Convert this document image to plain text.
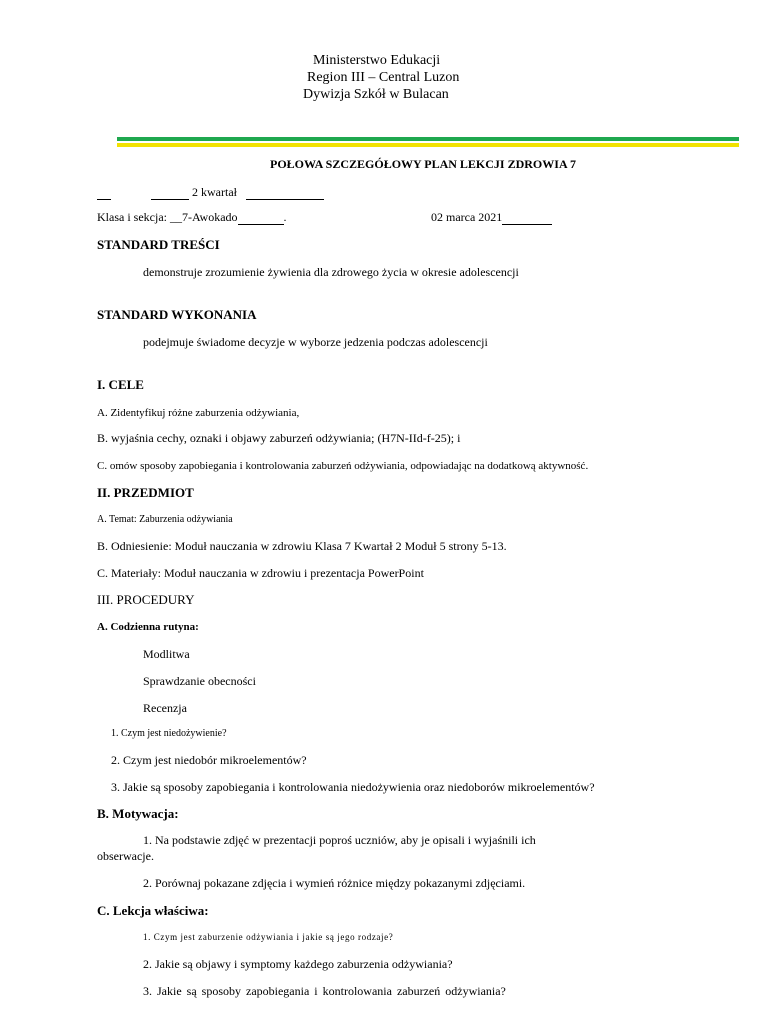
Ministerstwo Edukacji
Region III – Central Luzon
Dywizja Szkół w Bulacan
POŁOWA SZCZEGÓŁOWY PLAN LEKCJI ZDROWIA 7
2 kwartał
Klasa i sekcja: __7-Awokado	.	02 marca 2021
STANDARD TREŚCI
demonstruje zrozumienie żywienia dla zdrowego życia w okresie adolescencji
STANDARD WYKONANIA
podejmuje świadome decyzje w wyborze jedzenia podczas adolescencji
I. CELE
A. Zidentyfikuj różne zaburzenia odżywiania,
B. wyjaśnia cechy, oznaki i objawy zaburzeń odżywiania; (H7N-IId-f-25); i
C. omów sposoby zapobiegania i kontrolowania zaburzeń odżywiania, odpowiadając na dodatkową aktywność.
II. PRZEDMIOT
A. Temat: Zaburzenia odżywiania
B. Odniesienie: Moduł nauczania w zdrowiu Klasa 7 Kwartał 2 Moduł 5 strony 5-13.
C. Materiały: Moduł nauczania w zdrowiu i prezentacja PowerPoint
III. PROCEDURY
A. Codzienna rutyna:
Modlitwa
Sprawdzanie obecności
Recenzja
1. Czym jest niedożywienie?
2. Czym jest niedobór mikroelementów?
3. Jakie są sposoby zapobiegania i kontrolowania niedożywienia oraz niedoborów mikroelementów?
B. Motywacja:
1. Na podstawie zdjęć w prezentacji poproś uczniów, aby je opisali i wyjaśnili ich
obserwacje.
2. Porównaj pokazane zdjęcia i wymień różnice między pokazanymi zdjęciami.
C. Lekcja właściwa:
1. Czym jest zaburzenie odżywiania i jakie są jego rodzaje?
2. Jakie są objawy i symptomy każdego zaburzenia odżywiania?
3. Jakie są sposoby zapobiegania i kontrolowania zaburzeń odżywiania?
